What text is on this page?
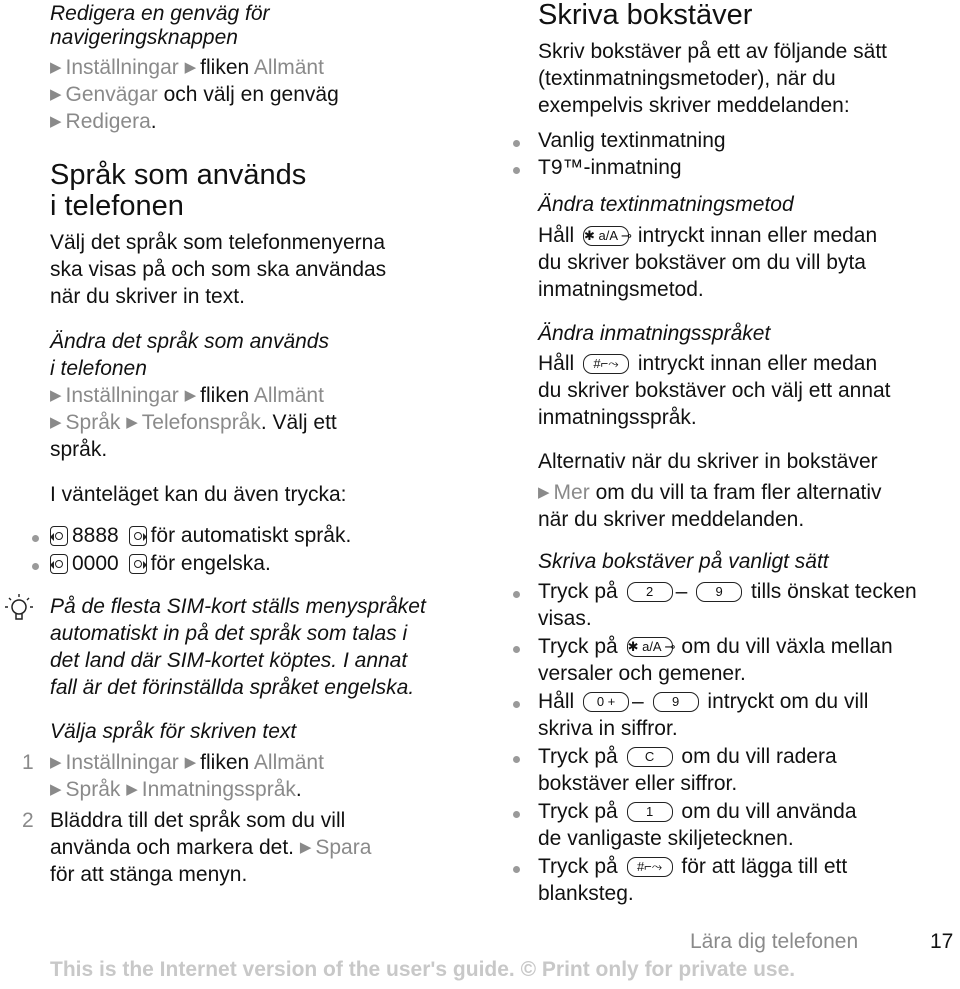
Redigera en genväg för
navigeringsknappen
▶ Inställningar ▶ fliken Allmänt
▶ Genvägar och välj en genväg
▶ Redigera.
Språk som används
i telefonen
Välj det språk som telefonmenyerna
ska visas på och som ska användas
när du skriver in text.
Ändra det språk som används
i telefonen
▶ Inställningar ▶ fliken Allmänt
▶ Språk ▶ Telefonspråk. Välj ett
språk.
I vänteläget kan du även trycka:
8888 för automatiskt språk.
0000 för engelska.
På de flesta SIM-kort ställs menyspråket
automatiskt in på det språk som talas i
det land där SIM-kortet köptes. I annat
fall är det förinställda språket engelska.
Välja språk för skriven text
1 ▶ Inställningar ▶ fliken Allmänt
▶ Språk ▶ Inmatningsspråk.
2 Bläddra till det språk som du vill
använda och markera det. ▶ Spara
för att stänga menyn.
Skriva bokstäver
Skriv bokstäver på ett av följande sätt
(textinmatningsmetoder), när du
exempelvis skriver meddelanden:
Vanlig textinmatning
T9™-inmatning
Ändra textinmatningsmetod
Håll ✱ a/A ⊸ intryckt innan eller medan
du skriver bokstäver om du vill byta
inmatningsmetod.
Ändra inmatningsspråket
Håll #⌐⤳ intryckt innan eller medan
du skriver bokstäver och välj ett annat
inmatningsspråk.
Alternativ när du skriver in bokstäver
▶ Mer om du vill ta fram fler alternativ
när du skriver meddelanden.
Skriva bokstäver på vanligt sätt
Tryck på 2 – 9 tills önskat tecken
visas.
Tryck på ✱ a/A ⊸ om du vill växla mellan
versaler och gemener.
Håll 0 + – 9 intryckt om du vill
skriva in siffror.
Tryck på C om du vill radera
bokstäver eller siffror.
Tryck på 1 om du vill använda
de vanligaste skiljetecknen.
Tryck på #⌐⤳ för att lägga till ett
blanksteg.
Lära dig telefonen	17
This is the Internet version of the user's guide. © Print only for private use.
